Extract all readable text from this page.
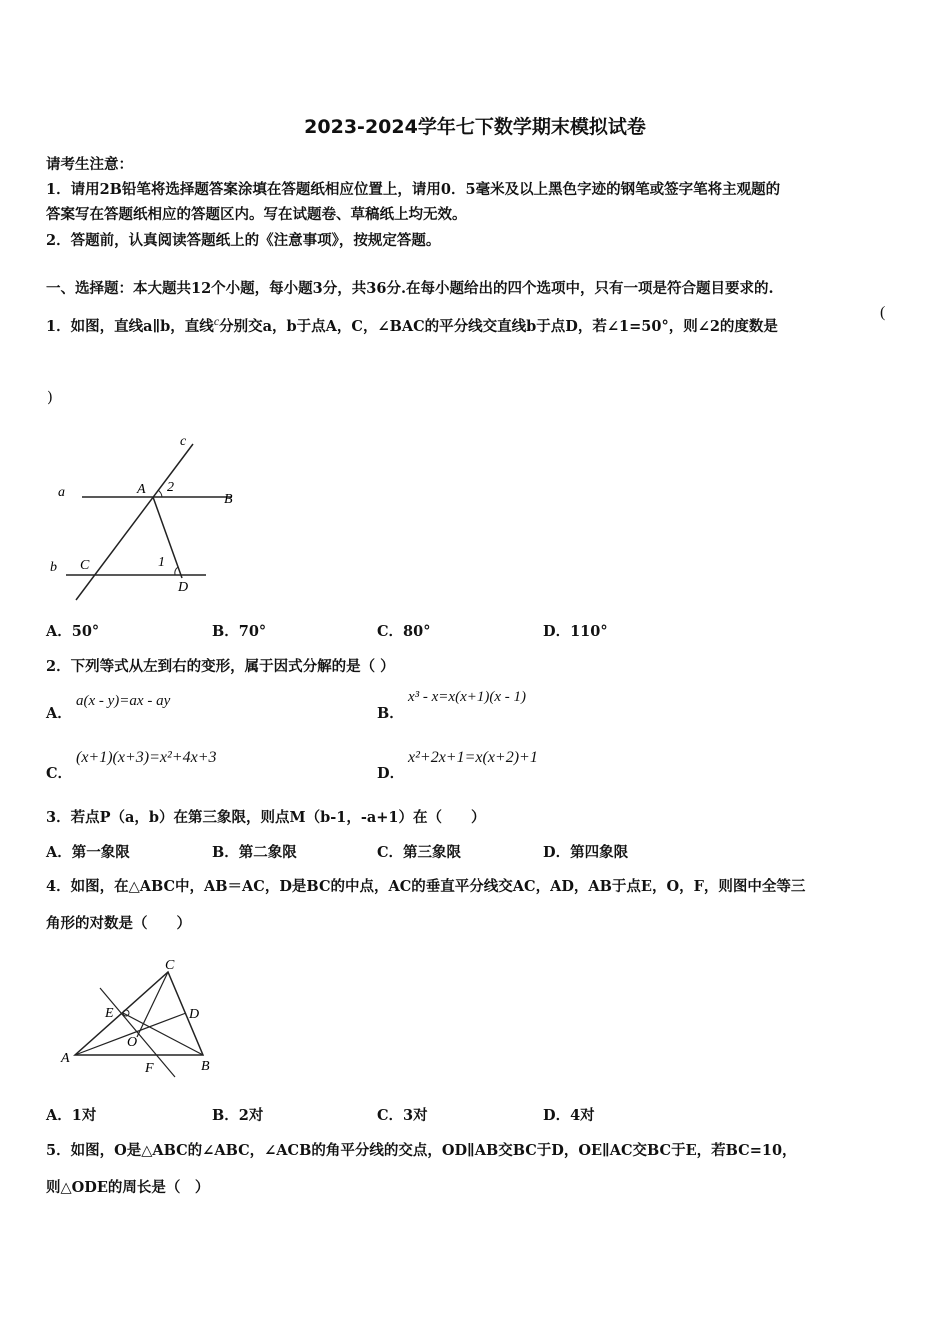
2023-2024学年七下数学期末模拟试卷
请考生注意：
1．请用2B铅笔将选择题答案涂填在答题纸相应位置上，请用0．5毫米及以上黑色字迹的钢笔或签字笔将主观题的
答案写在答题纸相应的答题区内。写在试题卷、草稿纸上均无效。
2．答题前，认真阅读答题纸上的《注意事项》，按规定答题。
一、选择题：本大题共12个小题，每小题3分，共36分.在每小题给出的四个选项中，只有一项是符合题目要求的.
1．如图，直线a∥b，直线$^c$分别交a，b于点A，C，∠BAC的平分线交直线b于点D，若∠1=50°，则∠2的度数是
(
)
c
a	A 2
B
b C	1
D
A．50°	B．70°	C．80°	D．110°
2．下列等式从左到右的变形，属于因式分解的是（ ）
A．
a(x - y)=ax - ay
B．
x³ - x=x(x+1)(x - 1)
C．
(x+1)(x+3)=x²+4x+3
D．
x²+2x+1=x(x+2)+1
3．若点P（a，b）在第三象限，则点M（b-1，-a+1）在（　　）
A．第一象限	B．第二象限	C．第三象限	D．第四象限
4．如图，在△ABC中，AB＝AC，D是BC的中点，AC的垂直平分线交AC，AD，AB于点E，O，F，则图中全等三
角形的对数是（　　）
C
E	D
O
A
F	B
A．1对	B．2对	C．3对	D．4对
5．如图，O是△ABC的∠ABC，∠ACB的角平分线的交点，OD∥AB交BC于D，OE∥AC交BC于E，若BC=10，
则△ODE的周长是（　）
